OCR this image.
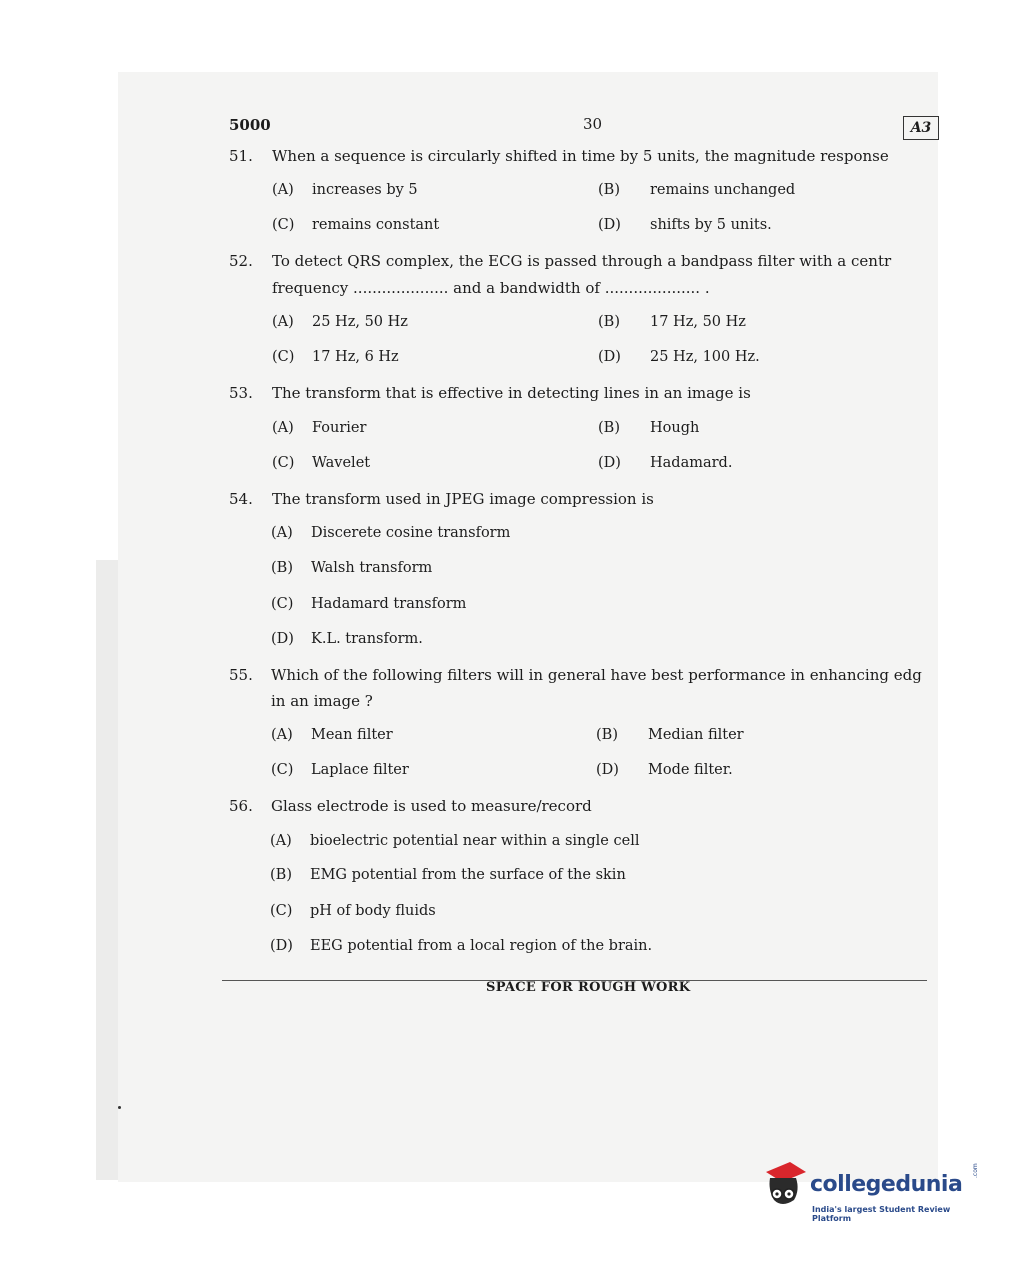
5000	30	A3
51. When a sequence is circularly shifted in time by 5 units, the magnitude response
(A) increases by 5	(B) remains unchanged
(C) remains constant	(D) shifts by 5 units.
52. To detect QRS complex, the ECG is passed through a bandpass filter with a centr
frequency .................... and a bandwidth of .................... .
(A) 25 Hz, 50 Hz	(B) 17 Hz, 50 Hz
(C) 17 Hz, 6 Hz	(D) 25 Hz, 100 Hz.
53. The transform that is effective in detecting lines in an image is
(A) Fourier	(B) Hough
(C) Wavelet	(D) Hadamard.
54. The transform used in JPEG image compression is
(A) Discerete cosine transform
(B) Walsh transform
(C) Hadamard transform
(D) K.L. transform.
55. Which of the following filters will in general have best performance in enhancing edg
in an image ?
(A) Mean filter	(B) Median filter
(C) Laplace filter	(D) Mode filter.
56. Glass electrode is used to measure/record
(A) bioelectric potential near within a single cell
(B) EMG potential from the surface of the skin
(C) pH of body fluids
(D) EEG potential from a local region of the brain.
SPACE FOR ROUGH WORK
collegedunia
.com
India's largest Student Review Platform
